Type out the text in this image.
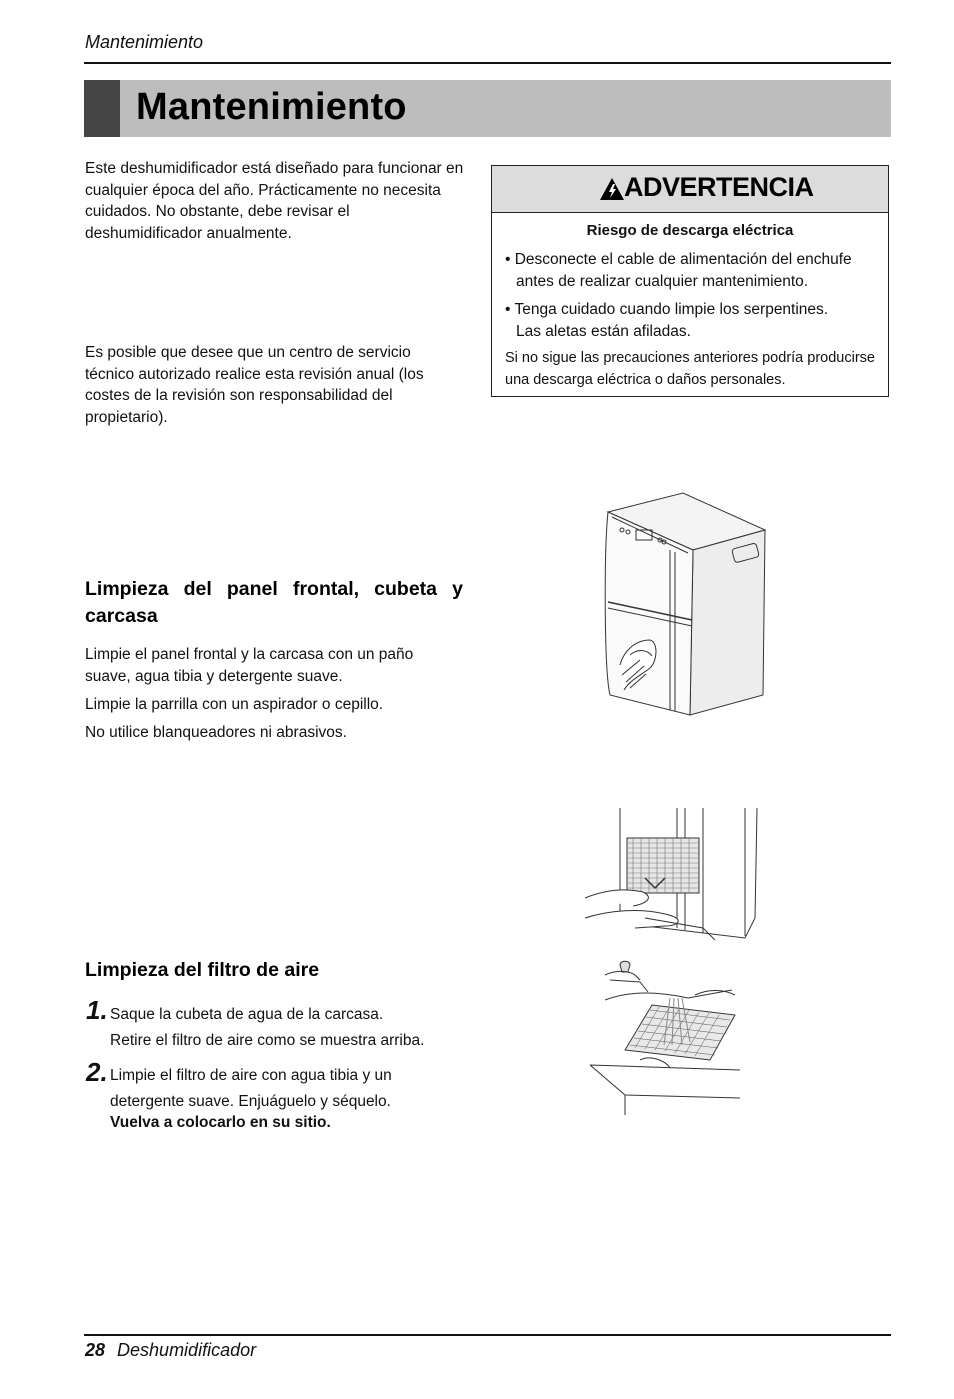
Mantenimiento
Mantenimiento
Este deshumidificador está diseñado para funcionar en cualquier época del año. Prácticamente no necesita cuidados. No obstante, debe revisar el deshumidificador anualmente.
Es posible que desee que un centro de servicio técnico autorizado realice esta revisión anual (los costes de la revisión son responsabilidad del propietario).
ADVERTENCIA
Riesgo de descarga eléctrica
• Desconecte el cable de alimentación del enchufe
antes de realizar cualquier mantenimiento.
• Tenga cuidado cuando limpie los serpentines.
Las aletas están afiladas.
Si no sigue las precauciones anteriores podría producirse una descarga eléctrica o daños personales.
Limpieza del panel frontal, cubeta y carcasa
Limpie el panel frontal y la carcasa con un paño suave, agua tibia y detergente suave.
Limpie la parrilla con un aspirador o cepillo.
No utilice blanqueadores ni abrasivos.
Limpieza del filtro de aire
1. Saque la cubeta de agua de la carcasa.
Retire el filtro de aire como se muestra arriba.
2. Limpie el filtro de aire con agua tibia y un
detergente suave. Enjuáguelo y séquelo.
Vuelva a colocarlo en su sitio.
28 Deshumidificador
